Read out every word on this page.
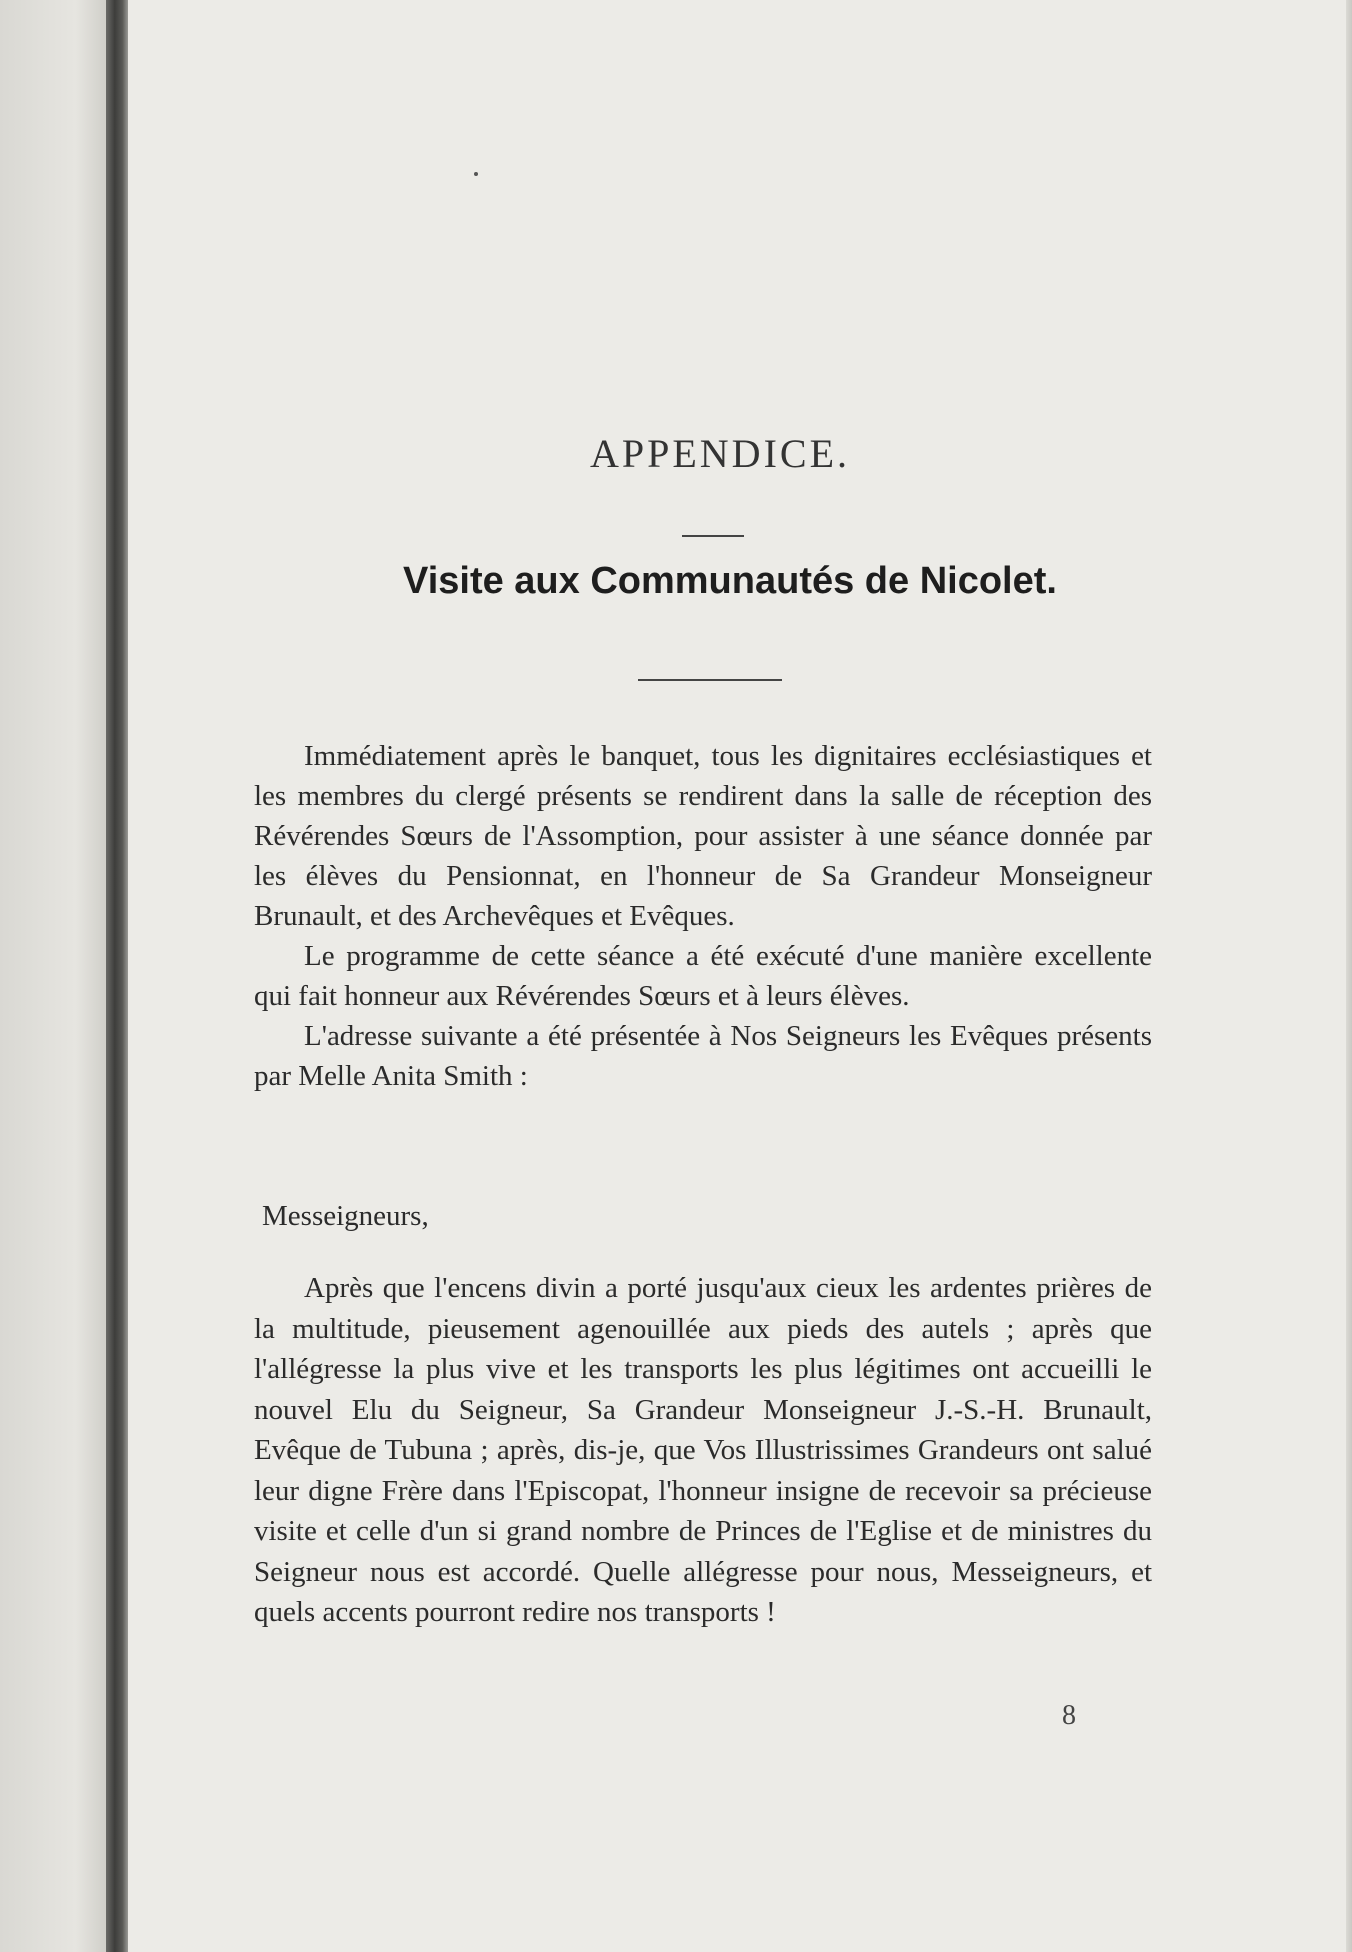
APPENDICE.
Visite aux Communautés de Nicolet.

Immédiatement après le banquet, tous les dignitaires ecclésiastiques et les membres du clergé présents se rendirent dans la salle de réception des Révérendes Sœurs de l'Assomption, pour assister à une séance donnée par les élèves du Pensionnat, en l'honneur de Sa Grandeur Monseigneur Brunault, et des Archevêques et Evêques.

Le programme de cette séance a été exécuté d'une manière excellente qui fait honneur aux Révérendes Sœurs et à leurs élèves.

L'adresse suivante a été présentée à Nos Seigneurs les Evêques présents par Melle Anita Smith :

Messeigneurs,

Après que l'encens divin a porté jusqu'aux cieux les ardentes prières de la multitude, pieusement agenouillée aux pieds des autels ; après que l'allégresse la plus vive et les transports les plus légitimes ont accueilli le nouvel Elu du Seigneur, Sa Grandeur Monseigneur J.-S.-H. Brunault, Evêque de Tubuna ; après, dis-je, que Vos Illustrissimes Grandeurs ont salué leur digne Frère dans l'Episcopat, l'honneur insigne de recevoir sa précieuse visite et celle d'un si grand nombre de Princes de l'Eglise et de ministres du Seigneur nous est accordé. Quelle allégresse pour nous, Messeigneurs, et quels accents pourront redire nos transports !

8
